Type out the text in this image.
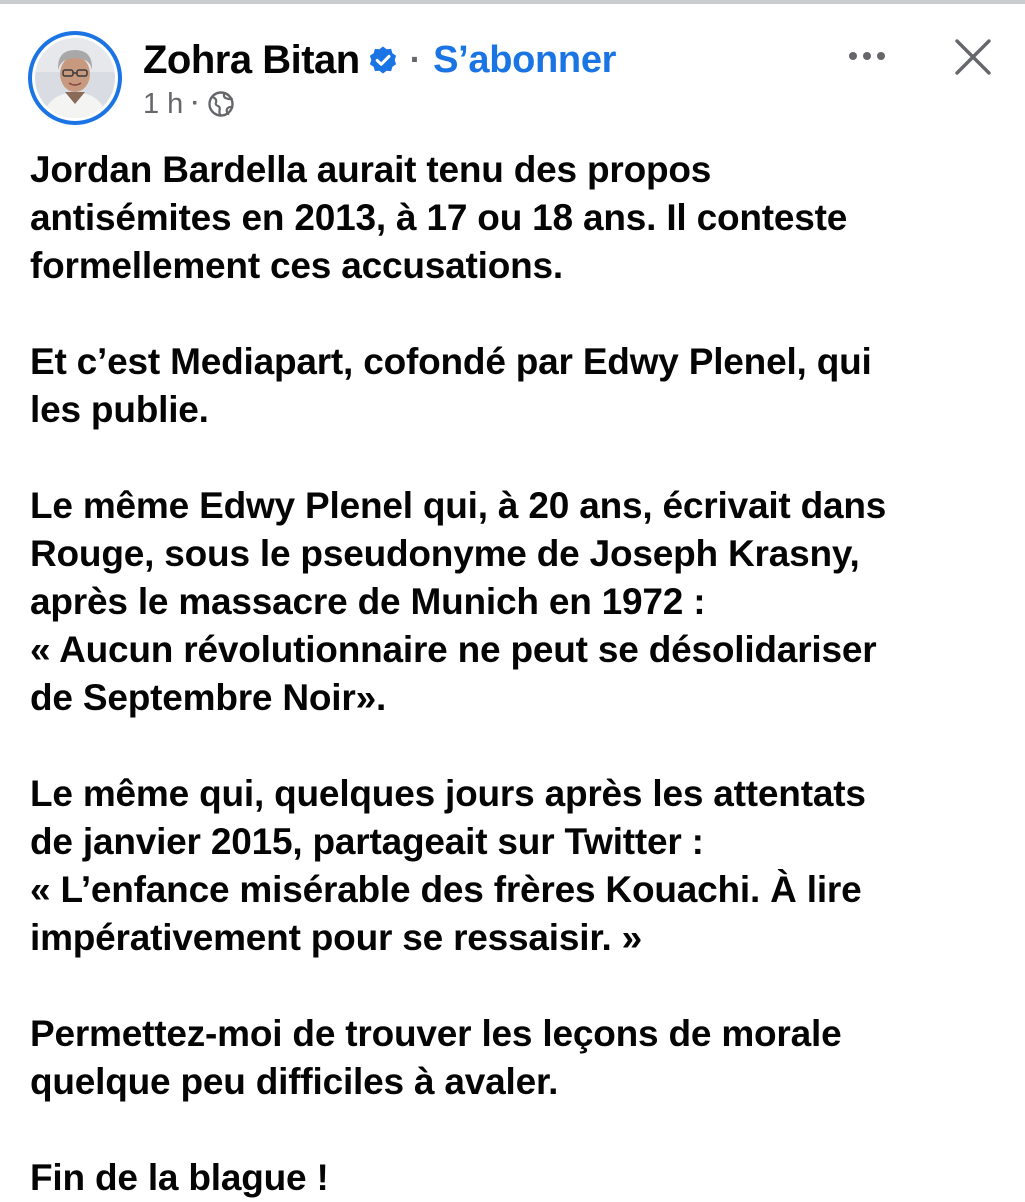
Zohra Bitan · S’abonner
1 h ·

Jordan Bardella aurait tenu des propos
antisémites en 2013, à 17 ou 18 ans. Il conteste
formellement ces accusations.

Et c’est Mediapart, cofondé par Edwy Plenel, qui
les publie.

Le même Edwy Plenel qui, à 20 ans, écrivait dans
Rouge, sous le pseudonyme de Joseph Krasny,
après le massacre de Munich en 1972 :
« Aucun révolutionnaire ne peut se désolidariser
de Septembre Noir».

Le même qui, quelques jours après les attentats
de janvier 2015, partageait sur Twitter :
« L’enfance misérable des frères Kouachi. À lire
impérativement pour se ressaisir. »

Permettez-moi de trouver les leçons de morale
quelque peu difficiles à avaler.

Fin de la blague !
